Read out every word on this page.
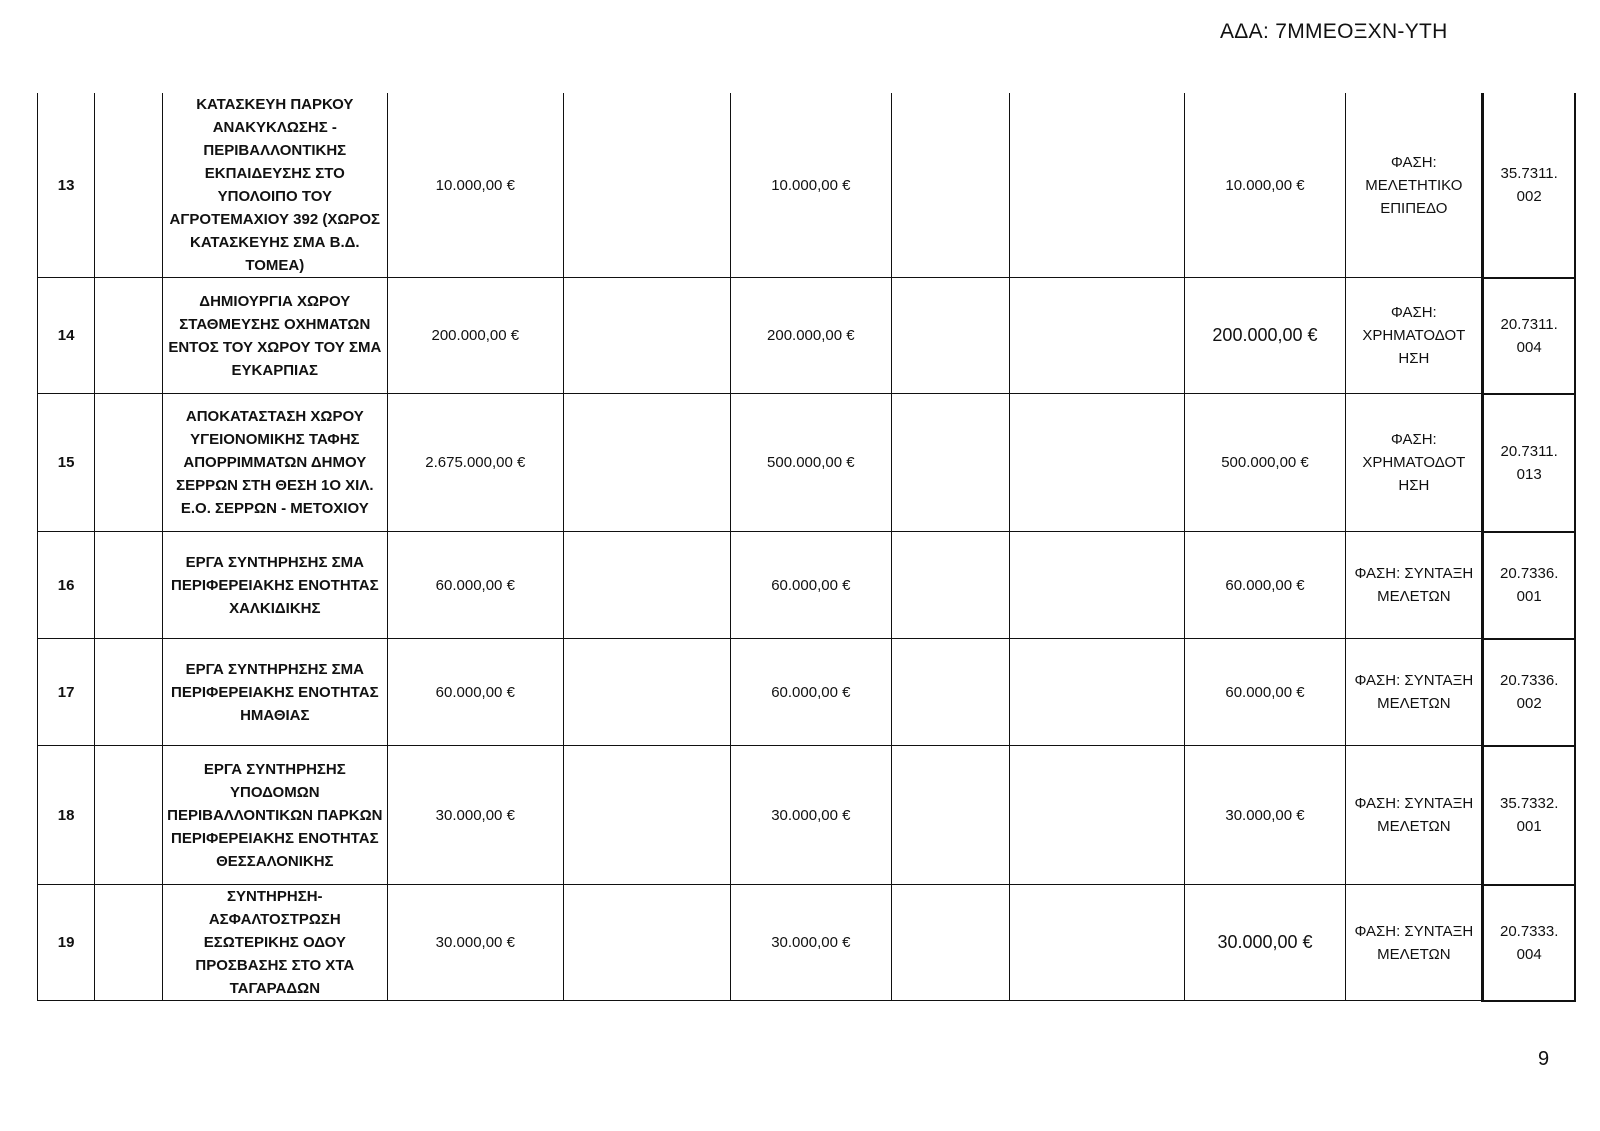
ΑΔΑ: 7ΜΜΕΟΞΧΝ-ΥΤΗ
13		ΚΑΤΑΣΚΕΥΗ ΠΑΡΚΟΥ ΑΝΑΚΥΚΛΩΣΗΣ - ΠΕΡΙΒΑΛΛΟΝΤΙΚΗΣ ΕΚΠΑΙΔΕΥΣΗΣ ΣΤΟ ΥΠΟΛΟΙΠΟ ΤΟΥ ΑΓΡΟΤΕΜΑΧΙΟΥ 392 (ΧΩΡΟΣ ΚΑΤΑΣΚΕΥΗΣ ΣΜΑ Β.Δ. ΤΟΜΕΑ)	10.000,00 €		10.000,00 €			10.000,00 €	ΦΑΣΗ: ΜΕΛΕΤΗΤΙΚΟ ΕΠΙΠΕΔΟ	35.7311. 002
14		ΔΗΜΙΟΥΡΓΙΑ ΧΩΡΟΥ ΣΤΑΘΜΕΥΣΗΣ ΟΧΗΜΑΤΩΝ ΕΝΤΟΣ ΤΟΥ ΧΩΡΟΥ ΤΟΥ ΣΜΑ ΕΥΚΑΡΠΙΑΣ	200.000,00 €		200.000,00 €			200.000,00 €	ΦΑΣΗ: ΧΡΗΜΑΤΟΔΟΤ ΗΣΗ	20.7311. 004
15		ΑΠΟΚΑΤΑΣΤΑΣΗ ΧΩΡΟΥ ΥΓΕΙΟΝΟΜΙΚΗΣ ΤΑΦΗΣ ΑΠΟΡΡΙΜΜΑΤΩΝ ΔΗΜΟΥ ΣΕΡΡΩΝ ΣΤΗ ΘΕΣΗ 1Ο ΧΙΛ. Ε.Ο. ΣΕΡΡΩΝ - ΜΕΤΟΧΙΟΥ	2.675.000,00 €		500.000,00 €			500.000,00 €	ΦΑΣΗ: ΧΡΗΜΑΤΟΔΟΤ ΗΣΗ	20.7311. 013
16		ΕΡΓΑ ΣΥΝΤΗΡΗΣΗΣ ΣΜΑ ΠΕΡΙΦΕΡΕΙΑΚΗΣ ΕΝΟΤΗΤΑΣ ΧΑΛΚΙΔΙΚΗΣ	60.000,00 €		60.000,00 €			60.000,00 €	ΦΑΣΗ: ΣΥΝΤΑΞΗ ΜΕΛΕΤΩΝ	20.7336. 001
17		ΕΡΓΑ ΣΥΝΤΗΡΗΣΗΣ ΣΜΑ ΠΕΡΙΦΕΡΕΙΑΚΗΣ ΕΝΟΤΗΤΑΣ ΗΜΑΘΙΑΣ	60.000,00 €		60.000,00 €			60.000,00 €	ΦΑΣΗ: ΣΥΝΤΑΞΗ ΜΕΛΕΤΩΝ	20.7336. 002
18		ΕΡΓΑ ΣΥΝΤΗΡΗΣΗΣ ΥΠΟΔΟΜΩΝ ΠΕΡΙΒΑΛΛΟΝΤΙΚΩΝ ΠΑΡΚΩΝ ΠΕΡΙΦΕΡΕΙΑΚΗΣ ΕΝΟΤΗΤΑΣ ΘΕΣΣΑΛΟΝΙΚΗΣ	30.000,00 €		30.000,00 €			30.000,00 €	ΦΑΣΗ: ΣΥΝΤΑΞΗ ΜΕΛΕΤΩΝ	35.7332. 001
19		ΣΥΝΤΗΡΗΣΗ- ΑΣΦΑΛΤΟΣΤΡΩΣΗ ΕΣΩΤΕΡΙΚΗΣ ΟΔΟΥ ΠΡΟΣΒΑΣΗΣ ΣΤΟ ΧΤΑ ΤΑΓΑΡΑΔΩΝ	30.000,00 €		30.000,00 €			30.000,00 €	ΦΑΣΗ: ΣΥΝΤΑΞΗ ΜΕΛΕΤΩΝ	20.7333. 004
9
